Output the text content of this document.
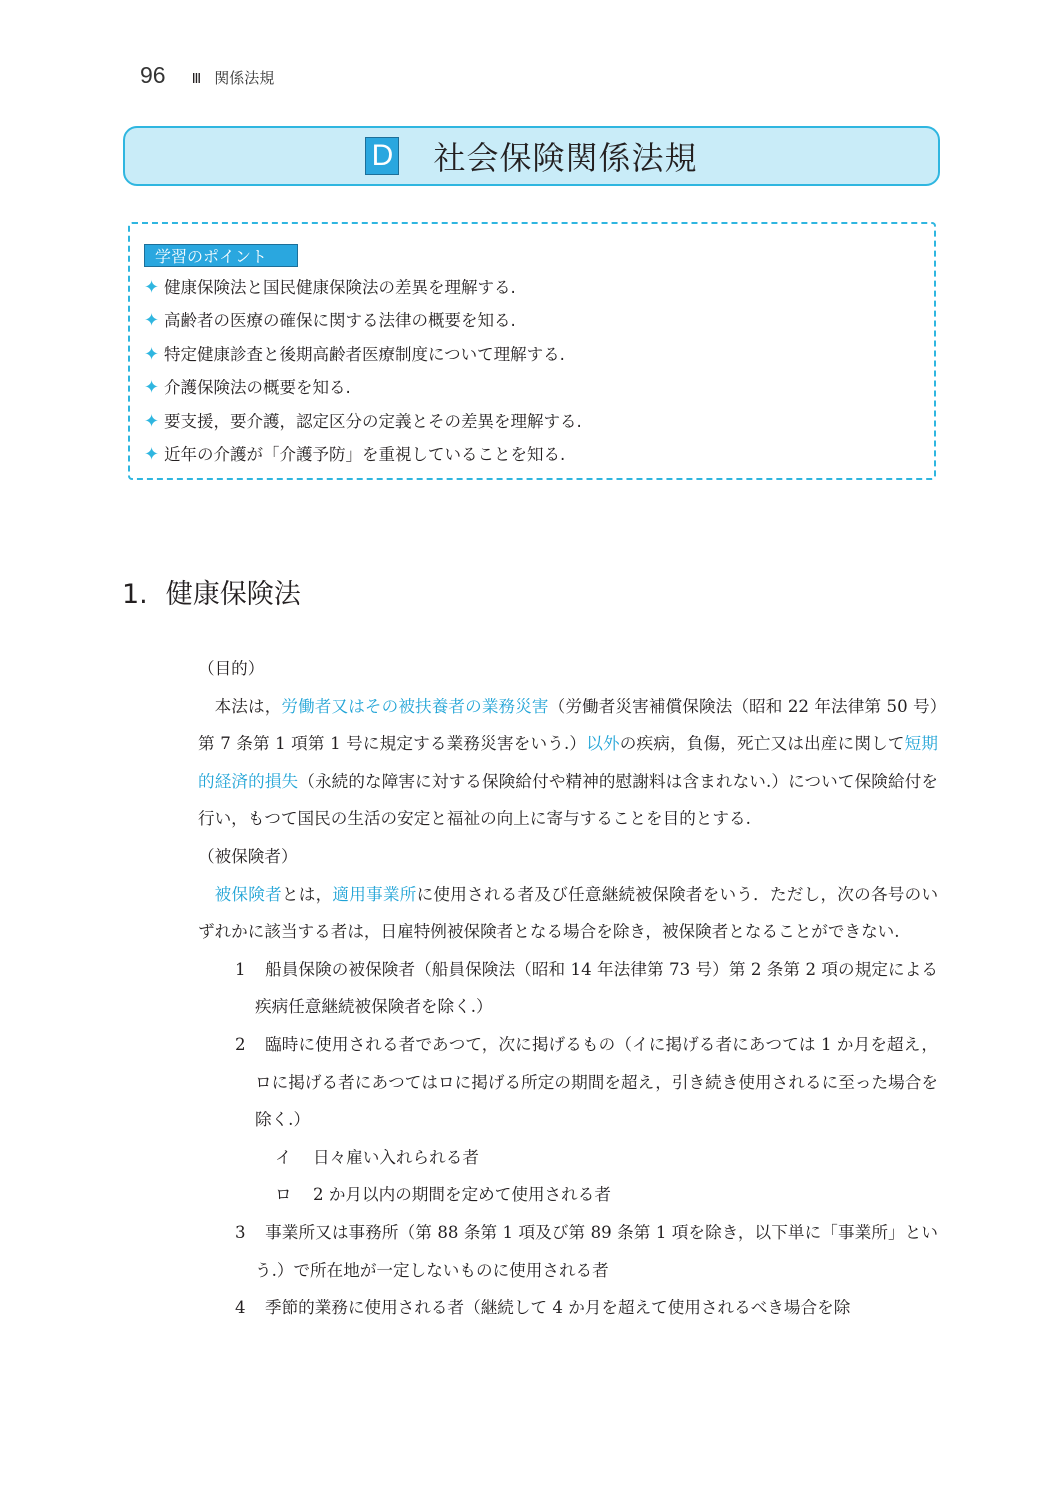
96 Ⅲ 関係法規
D 社会保険関係法規
学習のポイント
✦ 健康保険法と国民健康保険法の差異を理解する.
✦ 高齢者の医療の確保に関する法律の概要を知る.
✦ 特定健康診査と後期高齢者医療制度について理解する.
✦ 介護保険法の概要を知る.
✦ 要支援，要介護，認定区分の定義とその差異を理解する.
✦ 近年の介護が「介護予防」を重視していることを知る.
1. 健康保険法
（目的）

本法は，労働者又はその被扶養者の業務災害（労働者災害補償保険法（昭和 22 年法律第 50 号）第 7 条第 1 項第 1 号に規定する業務災害をいう.）以外の疾病，負傷，死亡又は出産に関して短期的経済的損失（永続的な障害に対する保険給付や精神的慰謝料は含まれない.）について保険給付を行い，もつて国民の生活の安定と福祉の向上に寄与することを目的とする.

（被保険者）

被保険者とは，適用事業所に使用される者及び任意継続被保険者をいう．ただし，次の各号のいずれかに該当する者は，日雇特例被保険者となる場合を除き，被保険者となることができない.

1 船員保険の被保険者（船員保険法（昭和 14 年法律第 73 号）第 2 条第 2 項の規定による疾病任意継続被保険者を除く.）

2 臨時に使用される者であつて，次に掲げるもの（イに掲げる者にあつては 1 か月を超え，ロに掲げる者にあつてはロに掲げる所定の期間を超え，引き続き使用されるに至った場合を除く.）

イ 日々雇い入れられる者

ロ 2 か月以内の期間を定めて使用される者

3 事業所又は事務所（第 88 条第 1 項及び第 89 条第 1 項を除き，以下単に「事業所」という.）で所在地が一定しないものに使用される者

4 季節的業務に使用される者（継続して 4 か月を超えて使用されるべき場合を除
